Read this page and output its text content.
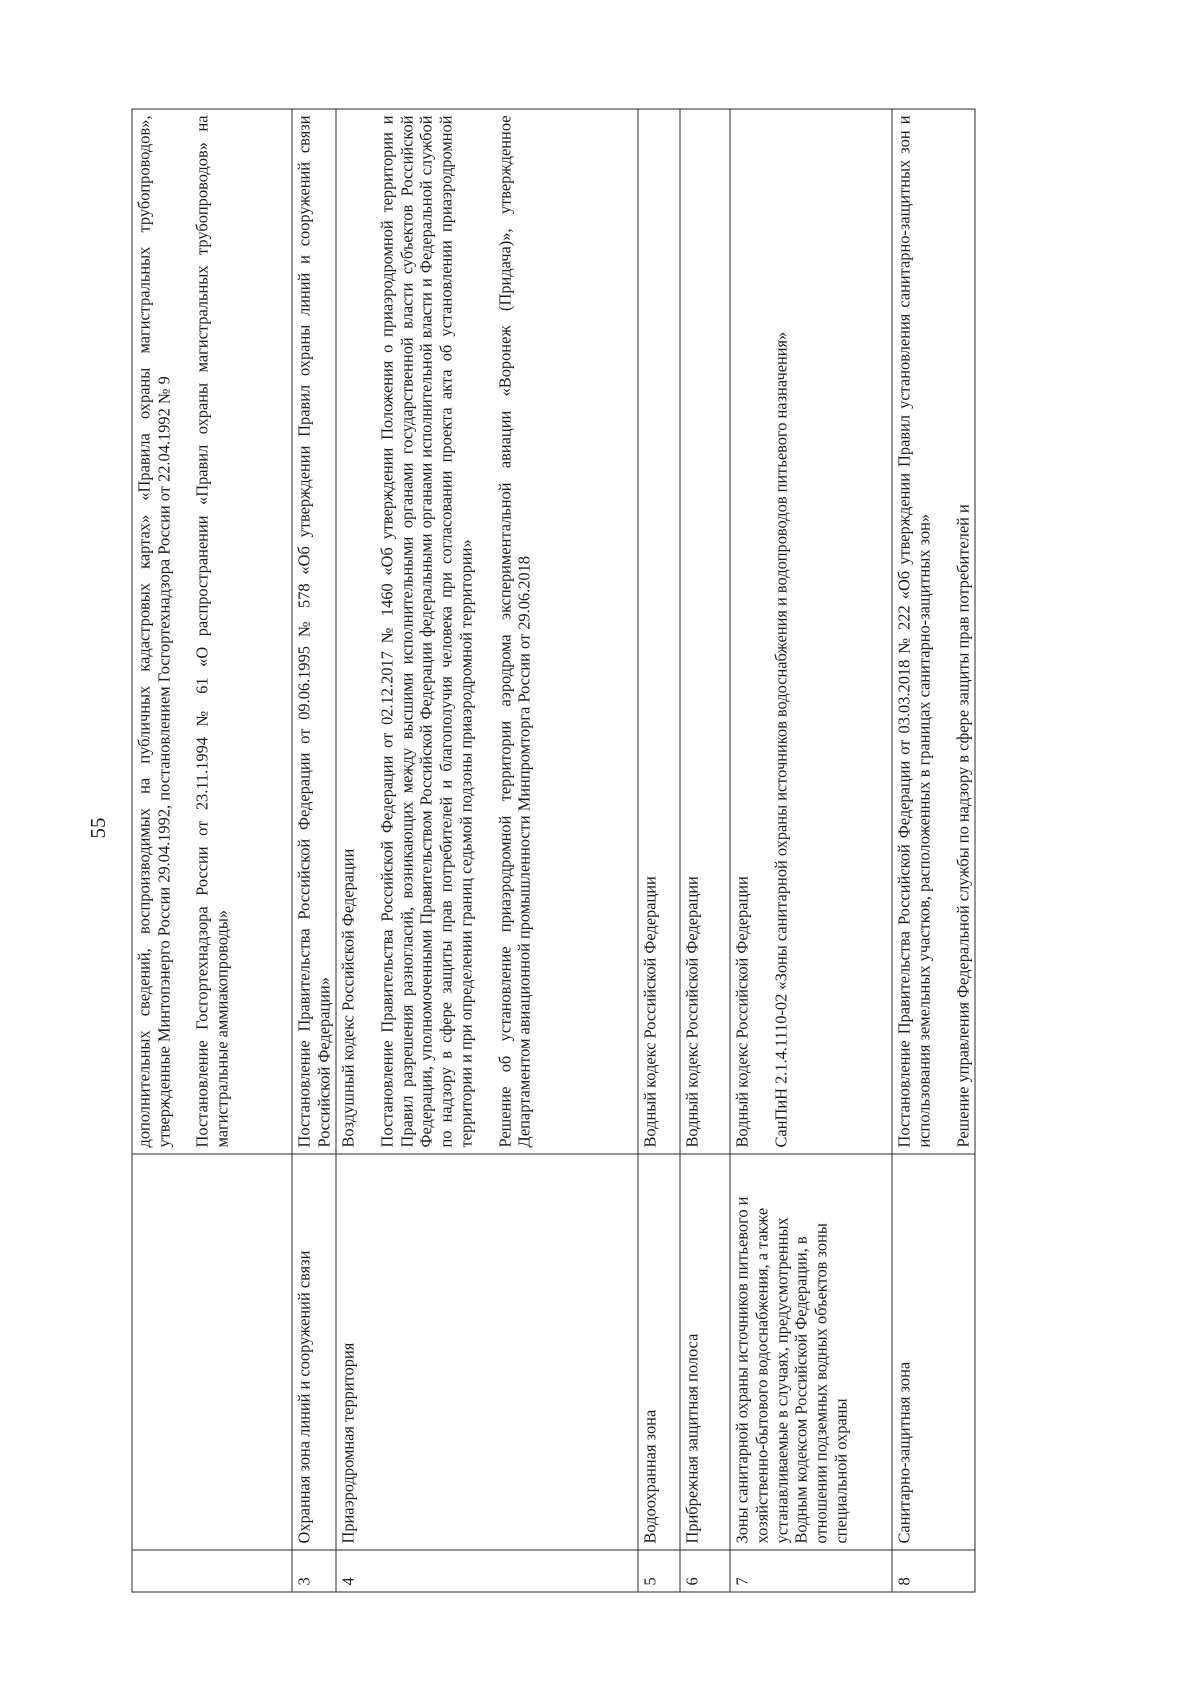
55

		дополнительных сведений, воспроизводимых на публичных кадастровых картах» «Правила охраны магистральных трубопроводов», утвержденные Минтопэнерго России 29.04.1992, постановлением Госгортехнадзора России от 22.04.1992 № 9 Постановление Госгортехнадзора России от 23.11.1994 № 61 «О распространении «Правил охраны магистральных трубопроводов» на магистральные аммиакопроводы»

3	Охранная зона линий и сооружений связи	Постановление Правительства Российской Федерации от 09.06.1995 № 578 «Об утверждении Правил охраны линий и сооружений связи Российской Федерации»

4	Приаэродромная территория	Воздушный кодекс Российской Федерации Постановление Правительства Российской Федерации от 02.12.2017 № 1460 «Об утверждении Положения о приаэродромной территории и Правил разрешения разногласий, возникающих между высшими исполнительными органами государственной власти субъектов Российской Федерации, уполномоченными Правительством Российской Федерации федеральными органами исполнительной власти и Федеральной службой по надзору в сфере защиты прав потребителей и благополучия человека при согласовании проекта акта об установлении приаэродромной территории и при определении границ седьмой подзоны приаэродромной территории» Решение об установление приаэродромной территории аэродрома экспериментальной авиации «Воронеж (Придача)», утвержденное Департаментом авиационной промышленности Минпромторга России от 29.06.2018

5	Водоохранная зона	Водный кодекс Российской Федерации

6	Прибрежная защитная полоса	Водный кодекс Российской Федерации

7	Зоны санитарной охраны источников питьевого и хозяйственно-бытового водоснабжения, а также устанавливаемые в случаях, предусмотренных Водным кодексом Российской Федерации, в отношении подземных водных объектов зоны специальной охраны	Водный кодекс Российской Федерации СанПиН 2.1.4.1110-02 «Зоны санитарной охраны источников водоснабжения и водопроводов питьевого назначения»

8	Санитарно-защитная зона	Постановление Правительства Российской Федерации от 03.03.2018 № 222 «Об утверждении Правил установления санитарно-защитных зон и использования земельных участков, расположенных в границах санитарно-защитных зон» Решение управления Федеральной службы по надзору в сфере защиты прав потребителей и
